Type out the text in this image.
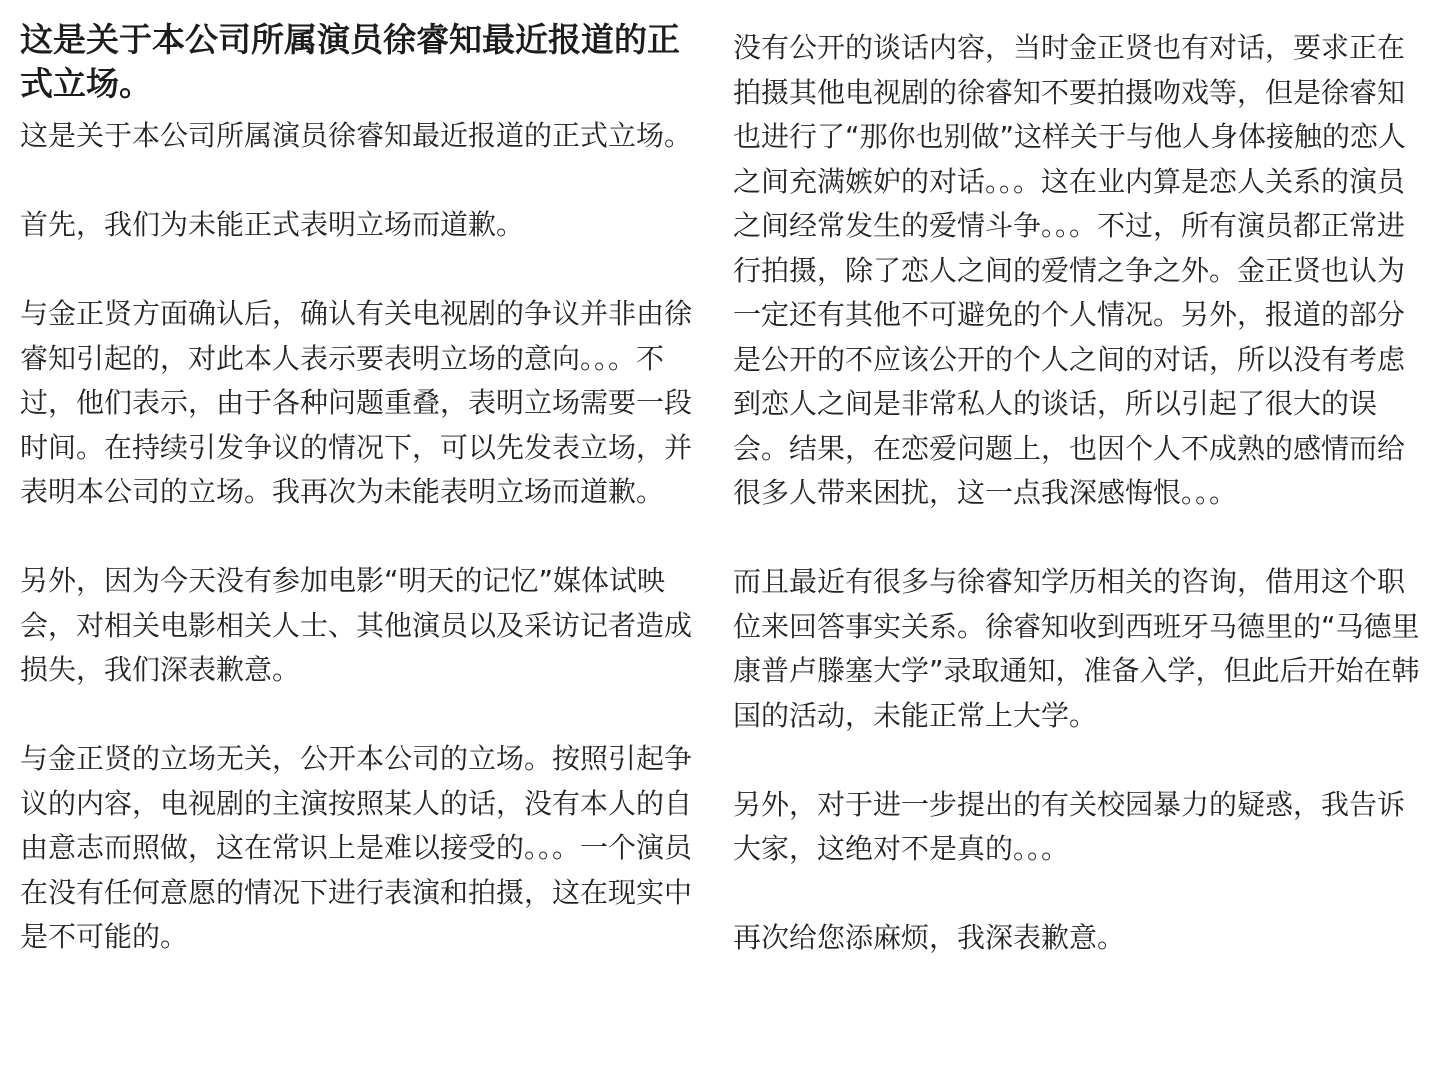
这是关于本公司所属演员徐睿知最近报道的正式立场。

这是关于本公司所属演员徐睿知最近报道的正式立场。

首先，我们为未能正式表明立场而道歉。

与金正贤方面确认后，确认有关电视剧的争议并非由徐睿知引起的，对此本人表示要表明立场的意向。。。不过，他们表示，由于各种问题重叠，表明立场需要一段时间。在持续引发争议的情况下，可以先发表立场，并表明本公司的立场。我再次为未能表明立场而道歉。

另外，因为今天没有参加电影“明天的记忆”媒体试映会，对相关电影相关人士、其他演员以及采访记者造成损失，我们深表歉意。

与金正贤的立场无关，公开本公司的立场。按照引起争议的内容，电视剧的主演按照某人的话，没有本人的自由意志而照做，这在常识上是难以接受的。。。一个演员在没有任何意愿的情况下进行表演和拍摄，这在现实中是不可能的。

没有公开的谈话内容，当时金正贤也有对话，要求正在拍摄其他电视剧的徐睿知不要拍摄吻戏等，但是徐睿知也进行了“那你也别做”这样关于与他人身体接触的恋人之间充满嫉妒的对话。。。这在业内算是恋人关系的演员之间经常发生的爱情斗争。。。不过，所有演员都正常进行拍摄，除了恋人之间的爱情之争之外。金正贤也认为一定还有其他不可避免的个人情况。另外，报道的部分是公开的不应该公开的个人之间的对话，所以没有考虑到恋人之间是非常私人的谈话，所以引起了很大的误会。结果，在恋爱问题上，也因个人不成熟的感情而给很多人带来困扰，这一点我深感悔恨。。。

而且最近有很多与徐睿知学历相关的咨询，借用这个职位来回答事实关系。徐睿知收到西班牙马德里的“马德里康普卢滕塞大学”录取通知，准备入学，但此后开始在韩国的活动，未能正常上大学。

另外，对于进一步提出的有关校园暴力的疑惑，我告诉大家，这绝对不是真的。。。

再次给您添麻烦，我深表歉意。
